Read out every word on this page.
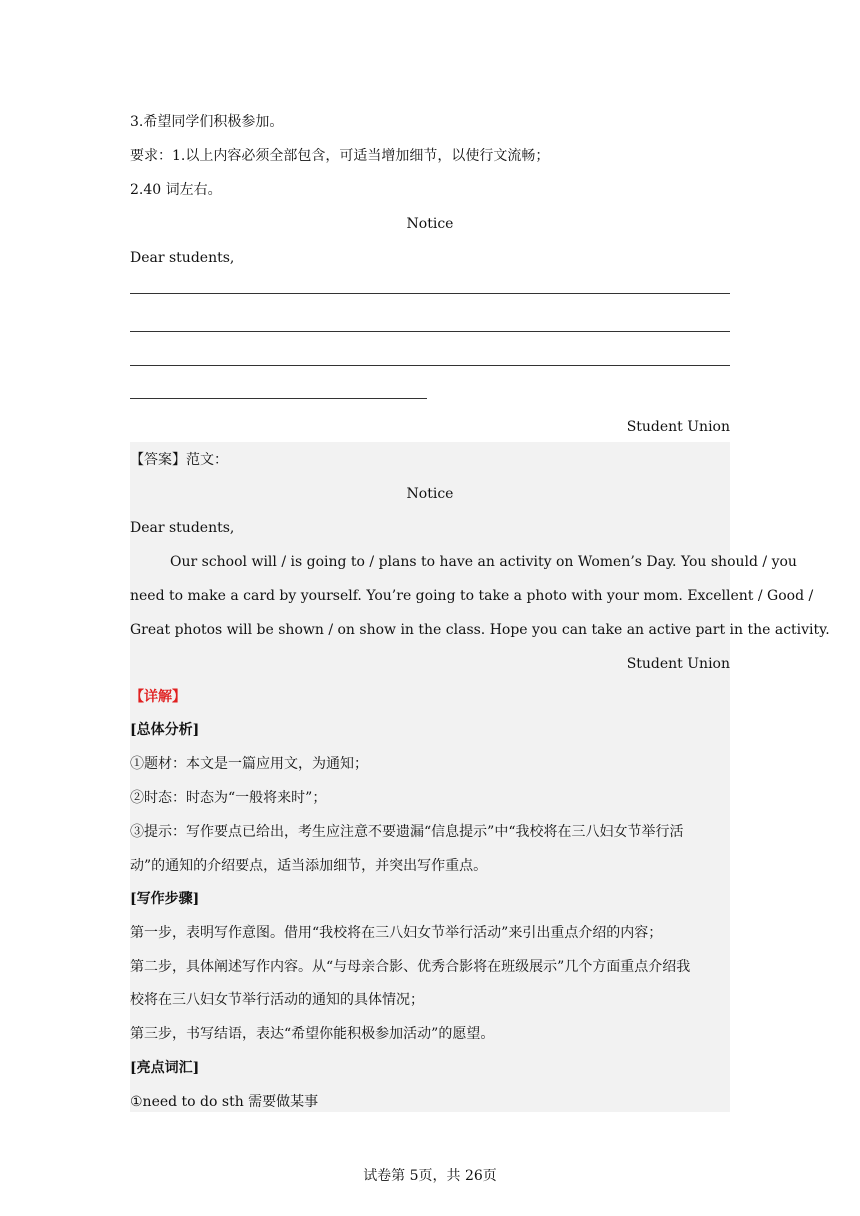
3.希望同学们积极参加。
要求：1.以上内容必须全部包含，可适当增加细节，以使行文流畅；
2.40 词左右。
Notice
Dear students,
Student Union
【答案】范文：
Notice
Dear students,
Our school will / is going to / plans to have an activity on Women’s Day. You should / you
need to make a card by yourself. You’re going to take a photo with your mom. Excellent / Good /
Great photos will be shown / on show in the class. Hope you can take an active part in the activity.
Student Union
【详解】
[总体分析]
①题材：本文是一篇应用文，为通知；
②时态：时态为“一般将来时”；
③提示：写作要点已给出，考生应注意不要遗漏“信息提示”中“我校将在三八妇女节举行活
动”的通知的介绍要点，适当添加细节，并突出写作重点。
[写作步骤]
第一步，表明写作意图。借用“我校将在三八妇女节举行活动”来引出重点介绍的内容；
第二步，具体阐述写作内容。从“与母亲合影、优秀合影将在班级展示”几个方面重点介绍我
校将在三八妇女节举行活动的通知的具体情况；
第三步，书写结语，表达“希望你能积极参加活动”的愿望。
[亮点词汇]
①need to do sth 需要做某事
试卷第 5页，共 26页
